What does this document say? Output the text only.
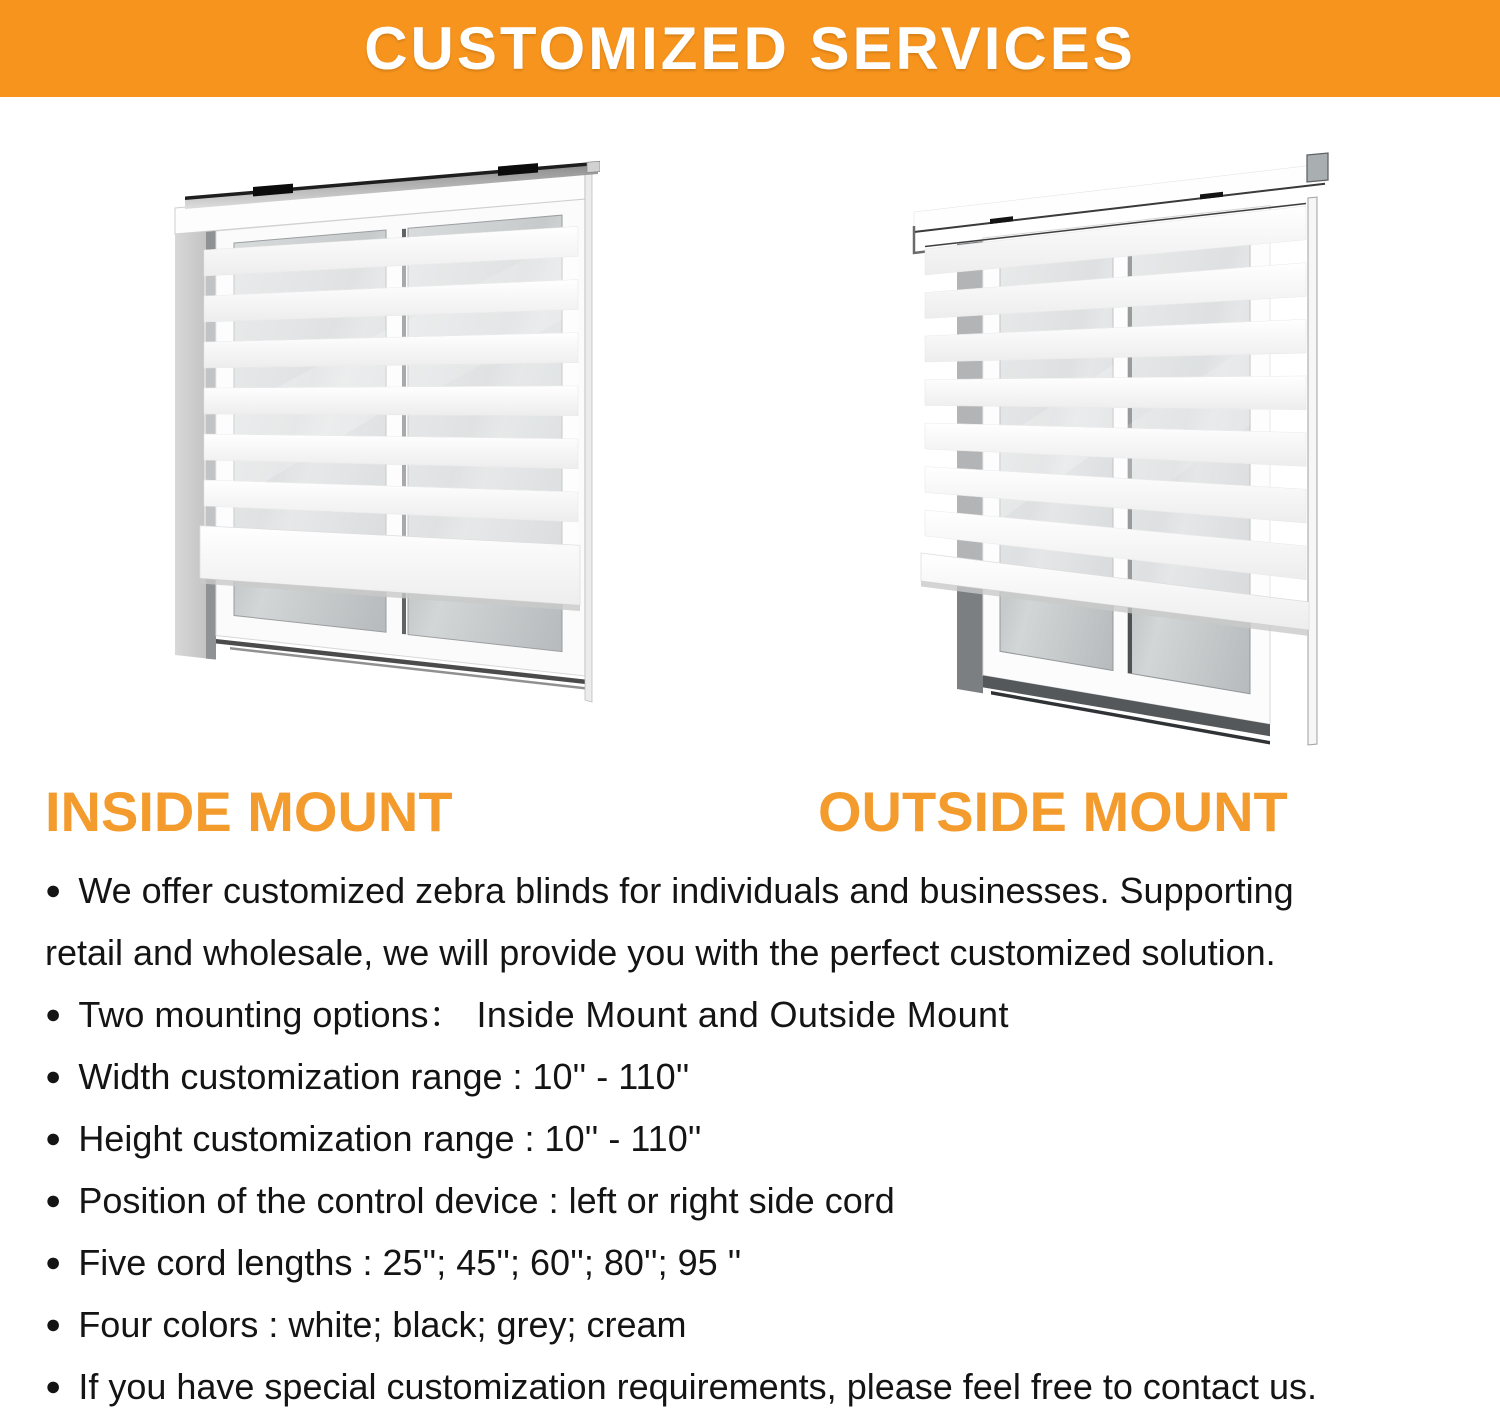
CUSTOMIZED SERVICES
INSIDE MOUNT	OUTSIDE MOUNT
● We offer customized zebra blinds for individuals and businesses. Supporting
retail and wholesale, we will provide you with the perfect customized solution.
● Two mounting options： Inside Mount and Outside Mount
● Width customization range : 10'' - 110''
● Height customization range : 10'' - 110''
● Position of the control device : left or right side cord
● Five cord lengths : 25''; 45''; 60''; 80''; 95 ''
● Four colors : white; black; grey; cream
● If you have special customization requirements, please feel free to contact us.
